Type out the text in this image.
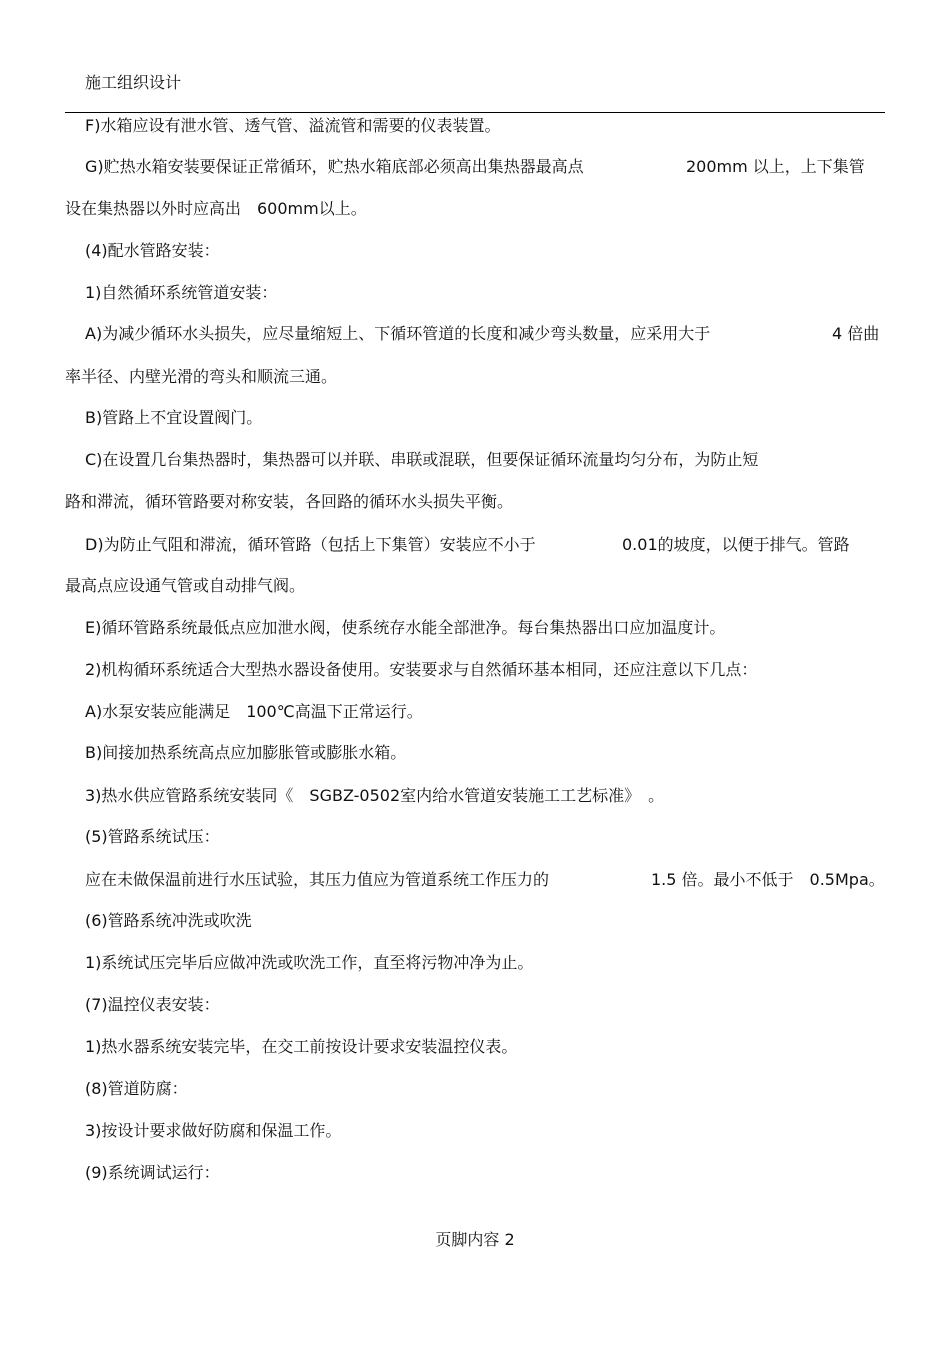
施工组织设计
F)水箱应设有泄水管、透气管、溢流管和需要的仪表装置。
G)贮热水箱安装要保证正常循环，贮热水箱底部必须高出集热器最高点	200mm 以上，上下集管
设在集热器以外时应高出　600mm以上。
(4)配水管路安装：
1)自然循环系统管道安装：
A)为减少循环水头损失，应尽量缩短上、下循环管道的长度和减少弯头数量，应采用大于	4 倍曲
率半径、内壁光滑的弯头和顺流三通。
B)管路上不宜设置阀门。
C)在设置几台集热器时，集热器可以并联、串联或混联，但要保证循环流量均匀分布，为防止短
路和滞流，循环管路要对称安装，各回路的循环水头损失平衡。
D)为防止气阻和滞流，循环管路（包括上下集管）安装应不小于	0.01的坡度，以便于排气。管路
最高点应设通气管或自动排气阀。
E)循环管路系统最低点应加泄水阀，使系统存水能全部泄净。每台集热器出口应加温度计。
2)机构循环系统适合大型热水器设备使用。安装要求与自然循环基本相同，还应注意以下几点：
A)水泵安装应能满足　100℃高温下正常运行。
B)间接加热系统高点应加膨胀管或膨胀水箱。
3)热水供应管路系统安装同《　SGBZ-0502室内给水管道安装施工工艺标准》　。
(5)管路系统试压：
应在未做保温前进行水压试验，其压力值应为管道系统工作压力的	1.5 倍。最小不低于　0.5Mpa。
(6)管路系统冲洗或吹洗
1)系统试压完毕后应做冲洗或吹洗工作，直至将污物冲净为止。
(7)温控仪表安装：
1)热水器系统安装完毕，在交工前按设计要求安装温控仪表。
(8)管道防腐：
3)按设计要求做好防腐和保温工作。
(9)系统调试运行：
页脚内容 2
